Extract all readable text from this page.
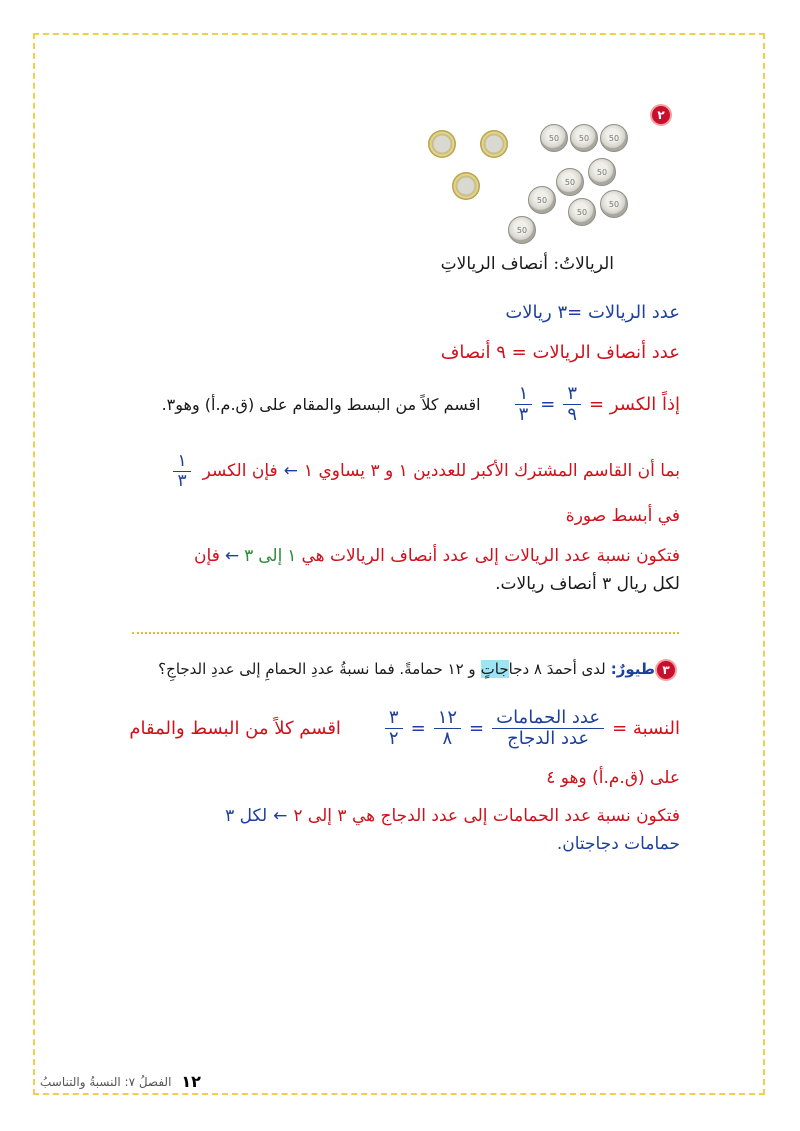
٢
50 50 50
50
50
50	50
50
50
الريالاتُ: أنصاف الريالاتِ
عدد الريالات =٣ ريالات
عدد أنصاف الريالات = ٩ أنصاف
إذاً الكسر =
$\frac{٣}{٩}$
=
$\frac{١}{٣}$
اقسم كلاً من البسط والمقام على (ق.م.أ) وهو٣.
بما أن القاسم المشترك الأكبر للعددين ١ و ٣ يساوي ١
←
فإن الكسر
$\frac{١}{٣}$
في أبسط صورة
فتكون نسبة عدد الريالات إلى عدد أنصاف الريالات هي
١
إلى
٣
←
فإن
لكل ريال ٣ أنصاف ريالات.
٣
طيورٌ:
لدى أحمدَ ٨ دجاجاتٍ
و ١٢ حمامةً. فما نسبةُ عددِ الحمامِ إلى عددِ الدجاجِ؟
النسبة =
$\frac{\text{عدد الحمامات}}{\text{عدد الدجاج}}$
=
$\frac{١٢}{٨}$
=
$\frac{٣}{٢}$
اقسم كلاً من البسط والمقام
على (ق.م.أ) وهو ٤
فتكون نسبة عدد الحمامات إلى عدد الدجاج هي ٣ إلى ٢
←
لكل ٣
حمامات دجاجتان.
١٢
الفصلُ ٧: النسبةُ والتناسبُ
